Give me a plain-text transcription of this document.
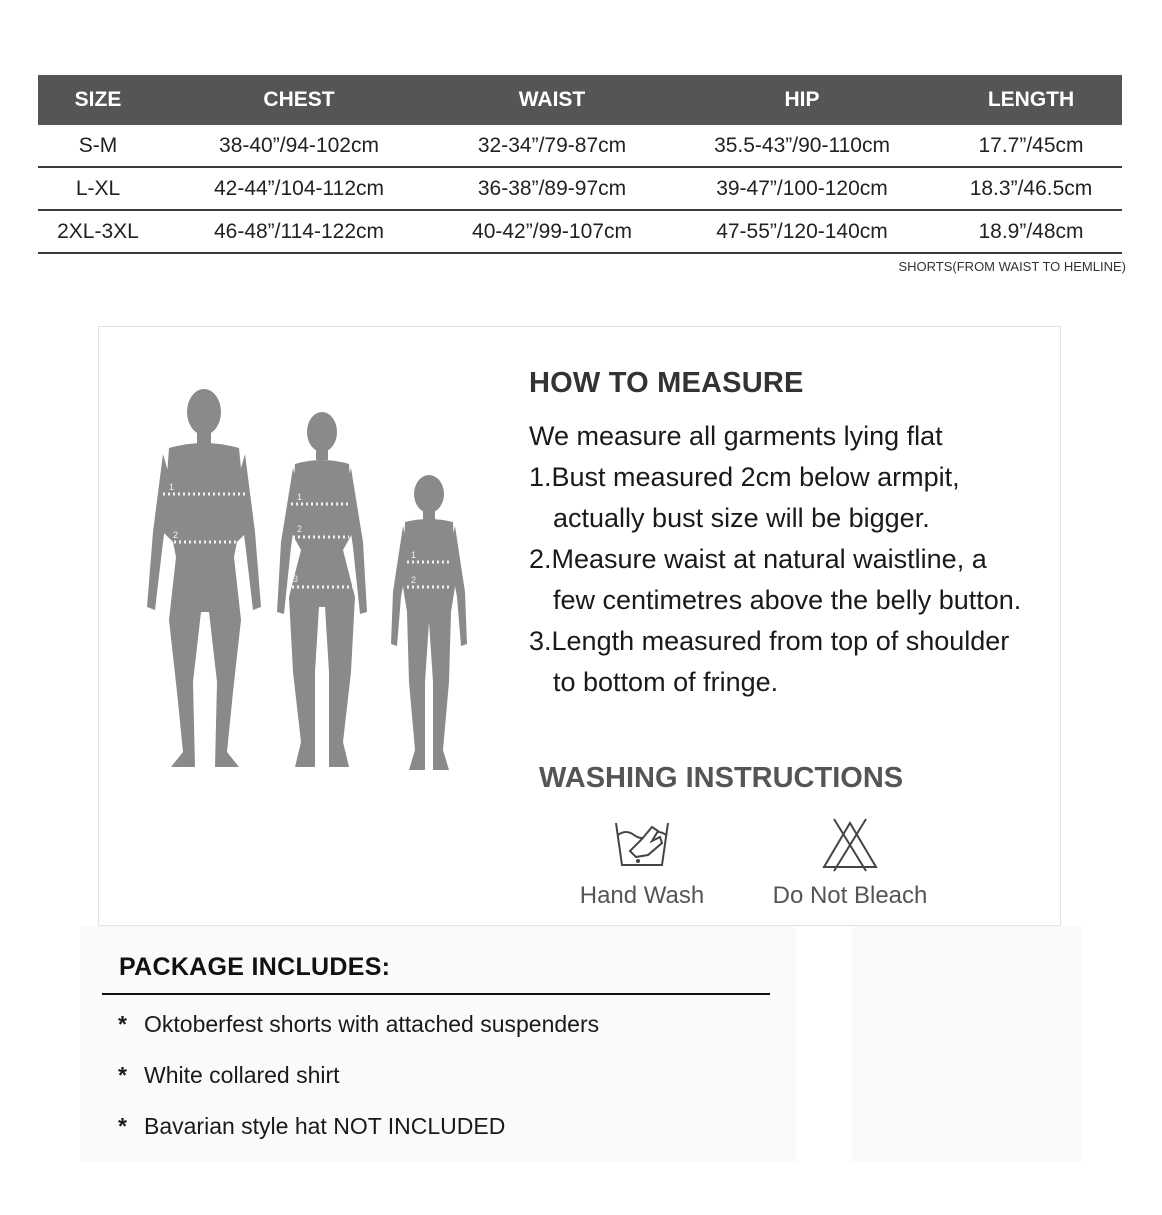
SIZE	CHEST	WAIST	HIP	LENGTH
S-M	38-40”/94-102cm	32-34”/79-87cm	35.5-43”/90-110cm	17.7”/45cm
L-XL	42-44”/104-112cm	36-38”/89-97cm	39-47”/100-120cm	18.3”/46.5cm
2XL-3XL	46-48”/114-122cm	40-42”/99-107cm	47-55”/120-140cm	18.9”/48cm
SHORTS(FROM WAIST TO HEMLINE)
1
2
1
2
3
1
2
HOW TO MEASURE
We measure all garments lying flat
1.Bust measured 2cm below armpit,
actually bust size will be bigger.
2.Measure waist at natural waistline, a
few centimetres above the belly button.
3.Length measured from top of shoulder
to bottom of fringe.
WASHING INSTRUCTIONS
Hand Wash	Do Not Bleach
PACKAGE INCLUDES:
* Oktoberfest shorts with attached suspenders
* White collared shirt
* Bavarian style hat NOT INCLUDED
